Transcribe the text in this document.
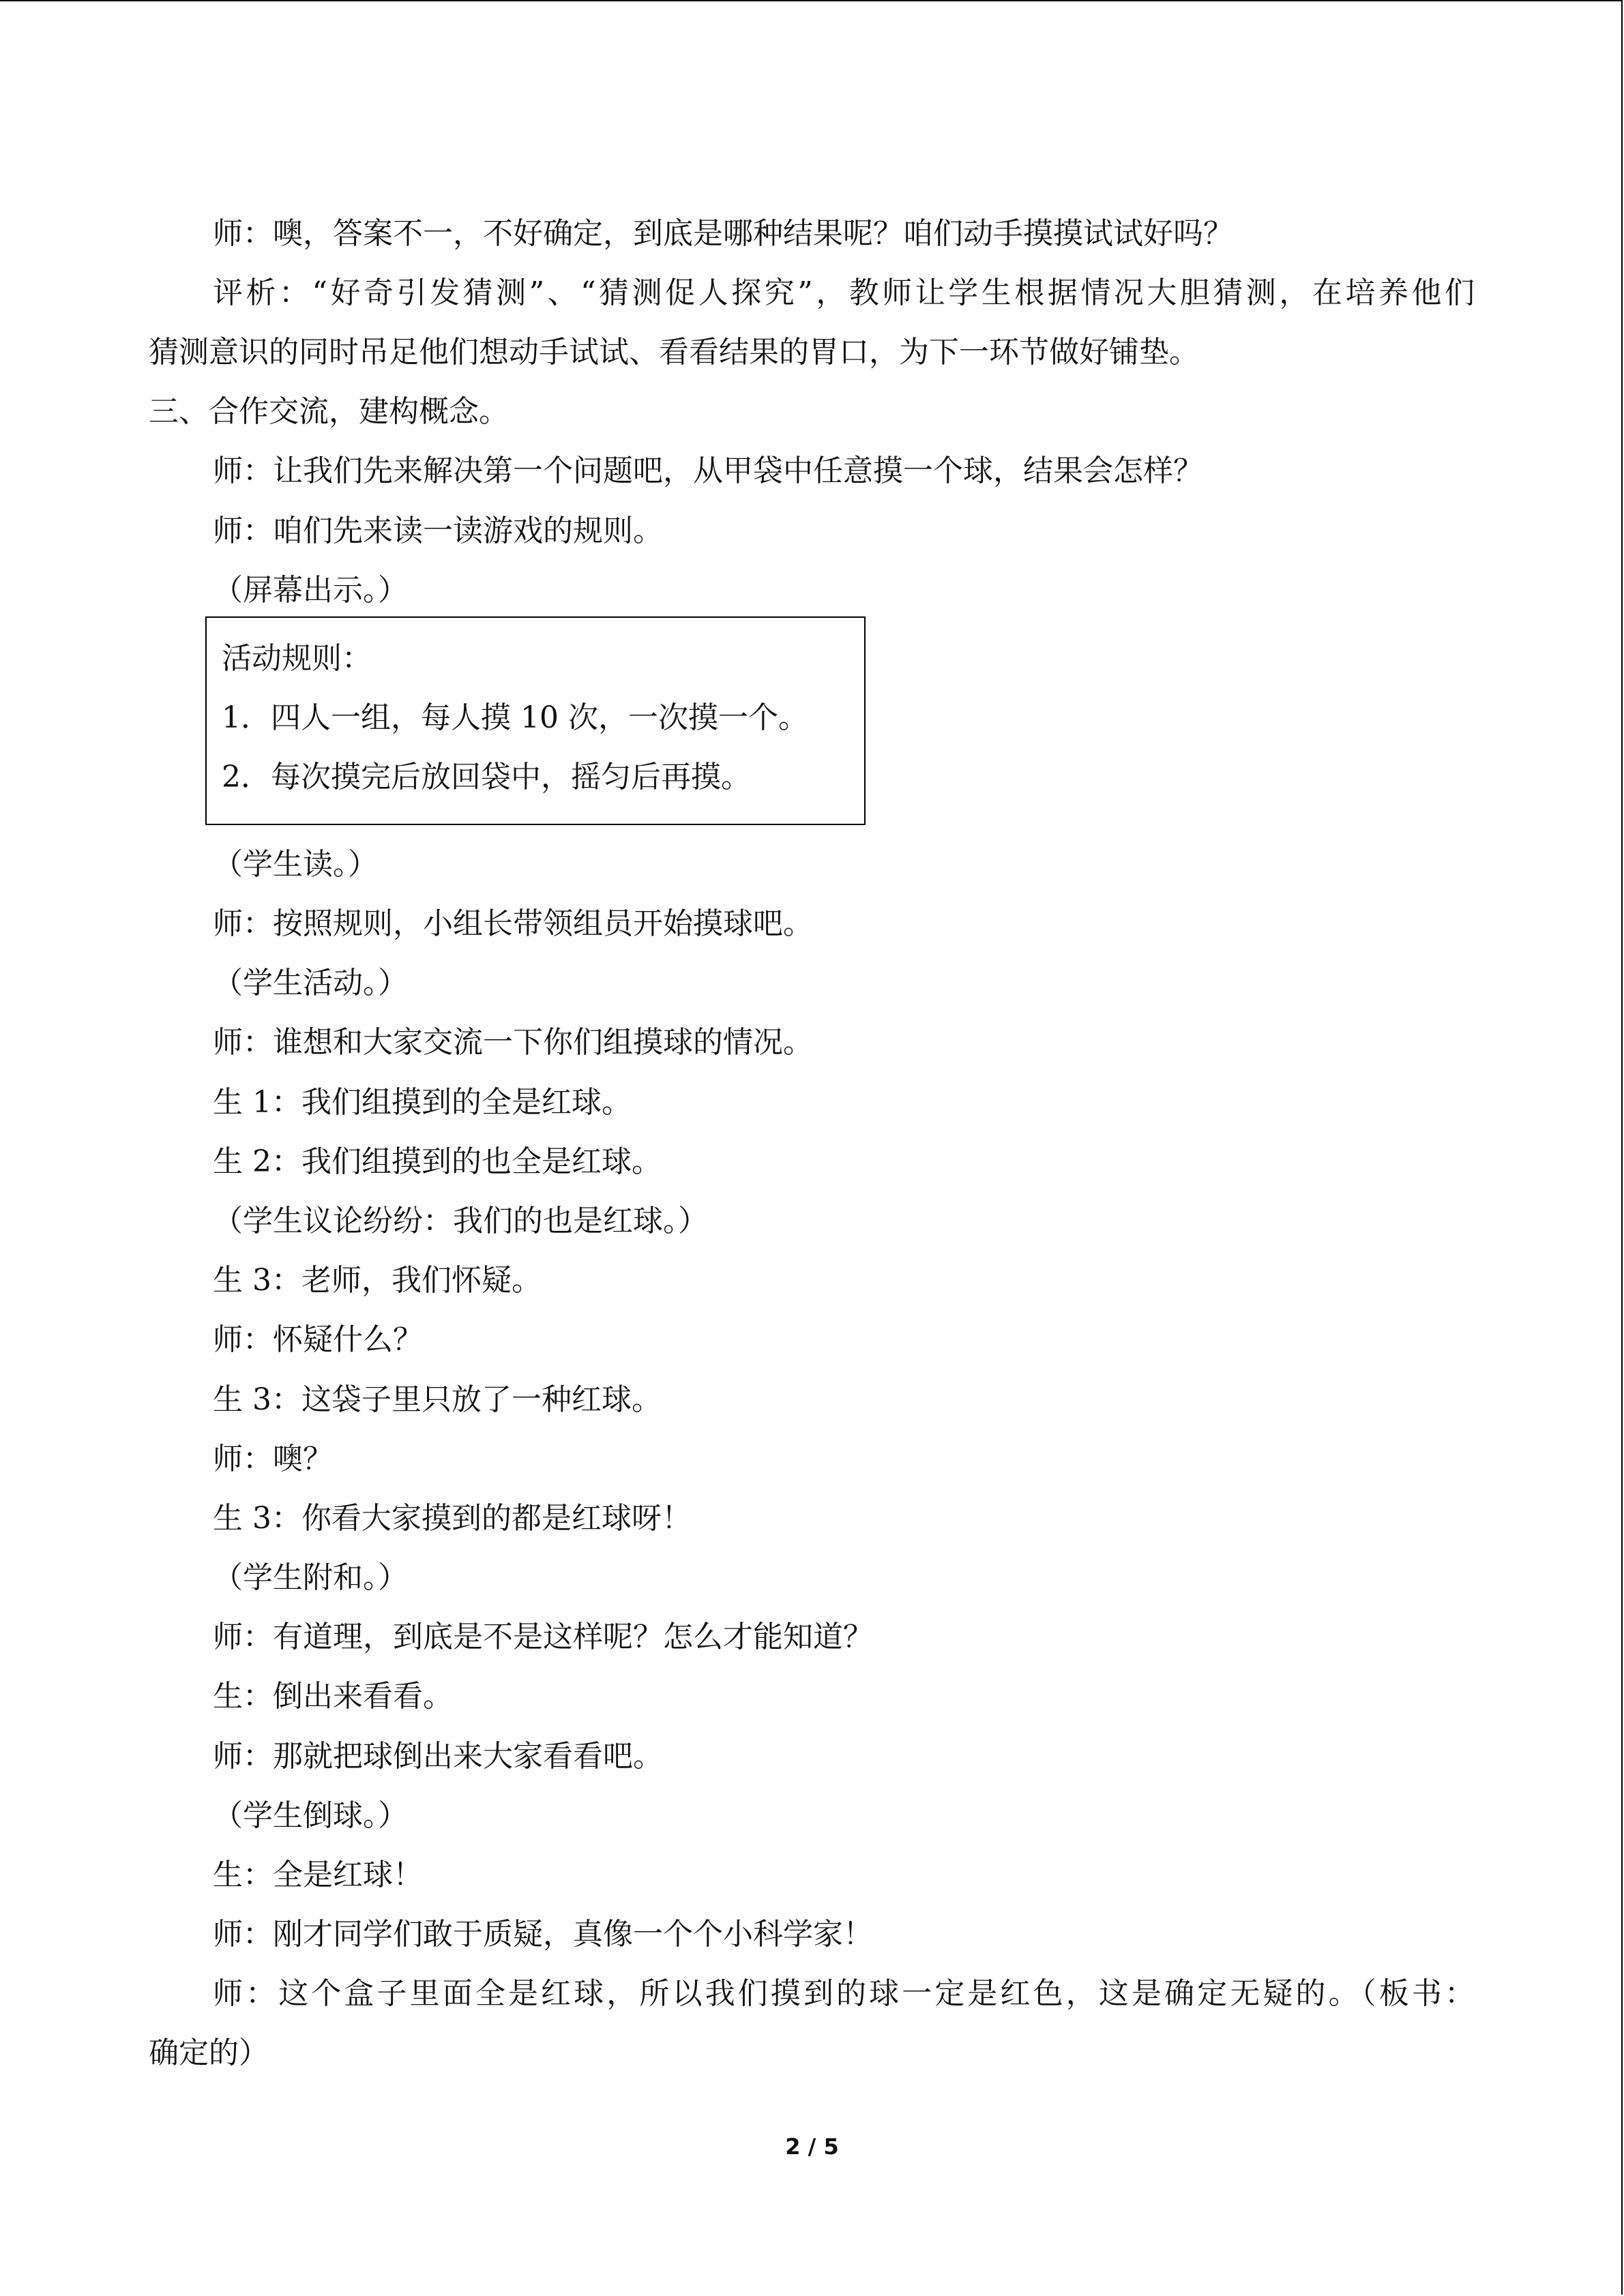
师：噢，答案不一，不好确定，到底是哪种结果呢？咱们动手摸摸试试好吗？
评析：“好奇引发猜测”、“猜测促人探究”，教师让学生根据情况大胆猜测，在培养他们
猜测意识的同时吊足他们想动手试试、看看结果的胃口，为下一环节做好铺垫。
三、合作交流，建构概念。
师：让我们先来解决第一个问题吧，从甲袋中任意摸一个球，结果会怎样？
师：咱们先来读一读游戏的规则。
（屏幕出示。）
活动规则：
1．四人一组，每人摸 10 次，一次摸一个。
2．每次摸完后放回袋中，摇匀后再摸。
（学生读。）
师：按照规则，小组长带领组员开始摸球吧。
（学生活动。）
师：谁想和大家交流一下你们组摸球的情况。
生 1：我们组摸到的全是红球。
生 2：我们组摸到的也全是红球。
（学生议论纷纷：我们的也是红球。）
生 3：老师，我们怀疑。
师：怀疑什么？
生 3：这袋子里只放了一种红球。
师：噢？
生 3：你看大家摸到的都是红球呀！
（学生附和。）
师：有道理，到底是不是这样呢？怎么才能知道？
生：倒出来看看。
师：那就把球倒出来大家看看吧。
（学生倒球。）
生：全是红球！
师：刚才同学们敢于质疑，真像一个个小科学家！
师：这个盒子里面全是红球，所以我们摸到的球一定是红色，这是确定无疑的。（板书：
确定的）
2 / 5
